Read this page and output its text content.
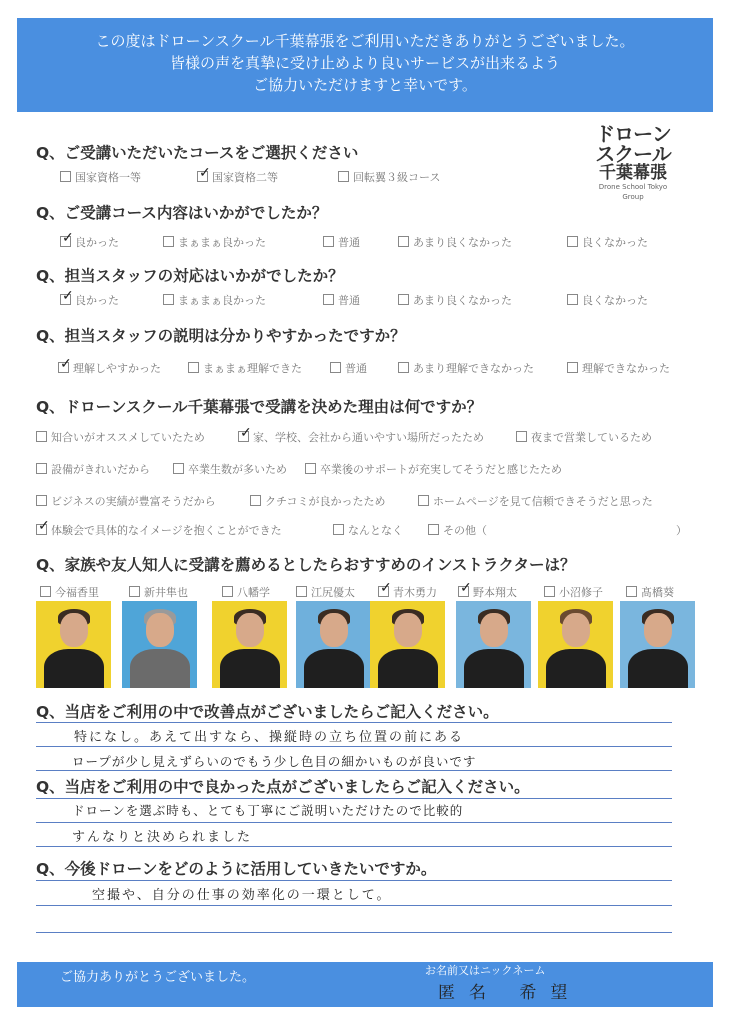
この度はドローンスクール千葉幕張をご利用いただきありがとうございました。
皆様の声を真摯に受け止めより良いサービスが出来るよう
ご協力いただけますと幸いです。
ドローン
スクール
千葉幕張
Drone School Tokyo Group
Q、ご受講いただいたコースをご選択ください
国家資格一等	✓ 国家資格二等	回転翼３級コース
Q、ご受講コース内容はいかがでしたか？
✓ 良かった	まぁまぁ良かった	普通	あまり良くなかった	良くなかった
Q、担当スタッフの対応はいかがでしたか？
✓ 良かった	まぁまぁ良かった	普通	あまり良くなかった	良くなかった
Q、担当スタッフの説明は分かりやすかったですか？
✓ 理解しやすかった	まぁまぁ理解できた	普通	あまり理解できなかった	理解できなかった
Q、ドローンスクール千葉幕張で受講を決めた理由は何ですか？
知合いがオススメしていたため	✓ 家、学校、会社から通いやすい場所だったため	夜まで営業しているため
設備がきれいだから	卒業生数が多いため	卒業後のサポートが充実してそうだと感じたため
ビジネスの実績が豊富そうだから	クチコミが良かったため	ホームページを見て信頼できそうだと思った
✓ 体験会で具体的なイメージを抱くことができた	なんとなく	その他（	）
Q、家族や友人知人に受講を薦めるとしたらおすすめのインストラクターは？
今福香里	新井隼也	八幡学	江尻優太 ✓ 青木勇力 ✓ 野本翔太	小沼修子	髙橋葵
Q、当店をご利用の中で改善点がございましたらご記入ください。
特になし。あえて出すなら、操縦時の立ち位置の前にある
ロープが少し見えずらいのでもう少し色目の細かいものが良いです
Q、当店をご利用の中で良かった点がございましたらご記入ください。
ドローンを選ぶ時も、とても丁寧にご説明いただけたので比較的
すんなりと決められました
Q、今後ドローンをどのように活用していきたいですか。
空撮や、自分の仕事の効率化の一環として。
ご協力ありがとうございました。	お名前又はニックネーム
匿名 希望
